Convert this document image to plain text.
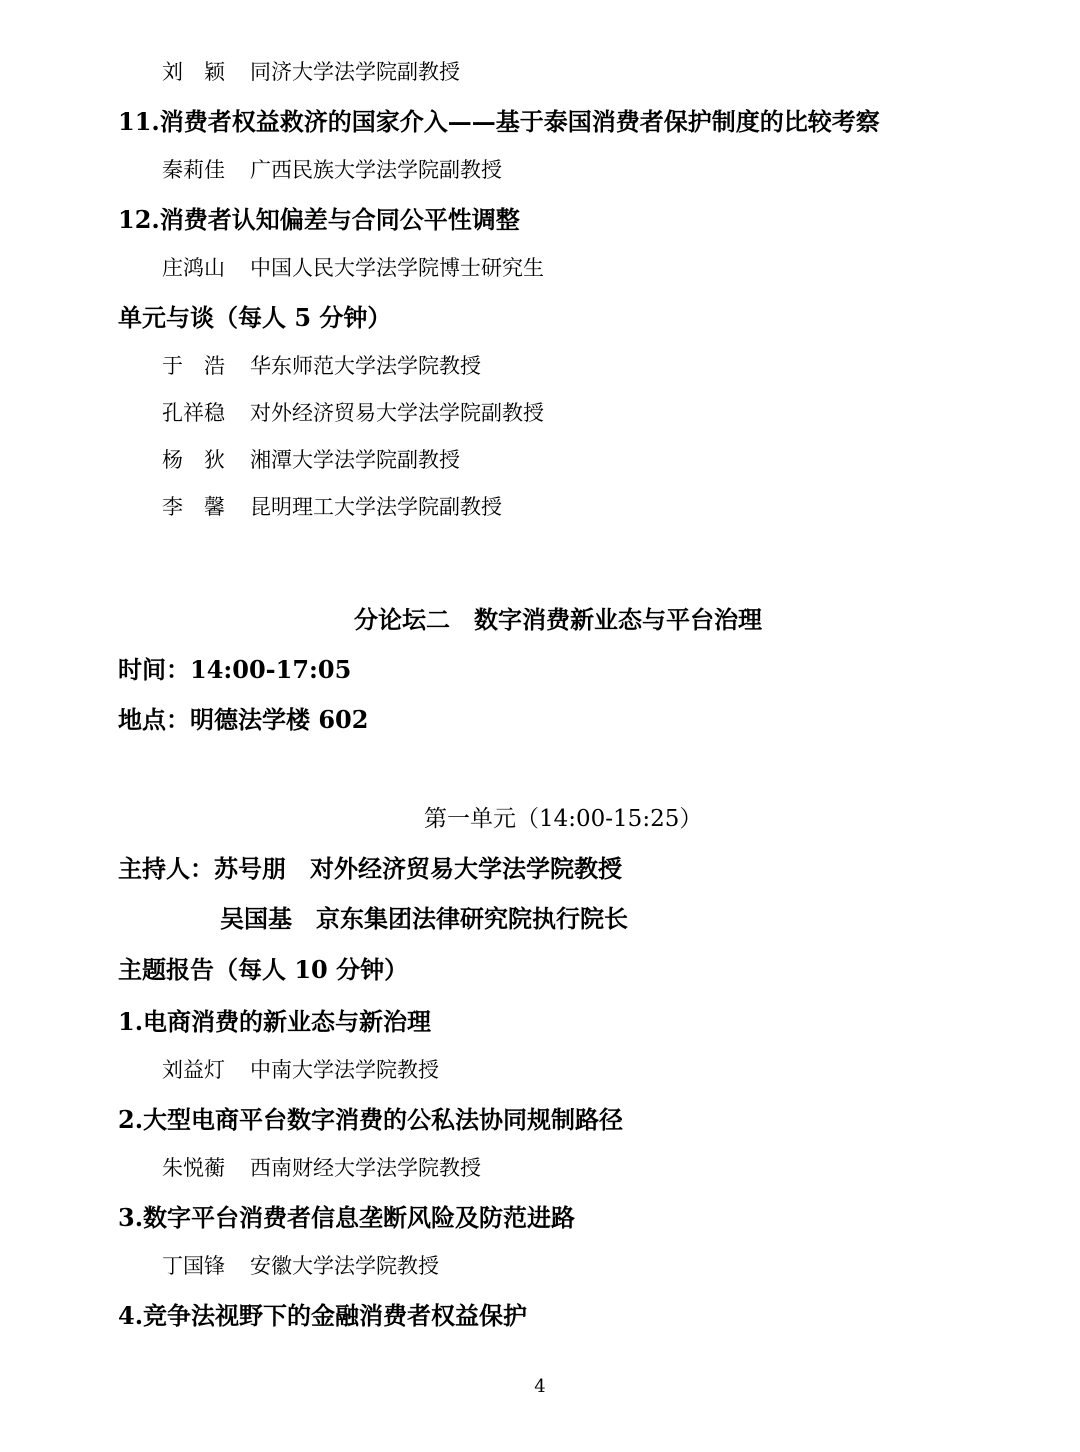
刘　颖 同济大学法学院副教授
11.消费者权益救济的国家介入——基于泰国消费者保护制度的比较考察
秦莉佳 广西民族大学法学院副教授
12.消费者认知偏差与合同公平性调整
庄鸿山 中国人民大学法学院博士研究生
单元与谈（每人 5 分钟）
于　浩 华东师范大学法学院教授
孔祥稳 对外经济贸易大学法学院副教授
杨　狄 湘潭大学法学院副教授
李　馨 昆明理工大学法学院副教授
分论坛二　数字消费新业态与平台治理
时间：14:00-17:05
地点：明德法学楼 602
第一单元（14:00-15:25）
主持人：苏号朋 对外经济贸易大学法学院教授
吴国基 京东集团法律研究院执行院长
主题报告（每人 10 分钟）
1.电商消费的新业态与新治理
刘益灯 中南大学法学院教授
2.大型电商平台数字消费的公私法协同规制路径
朱悦蘅 西南财经大学法学院教授
3.数字平台消费者信息垄断风险及防范进路
丁国锋 安徽大学法学院教授
4.竞争法视野下的金融消费者权益保护
4
